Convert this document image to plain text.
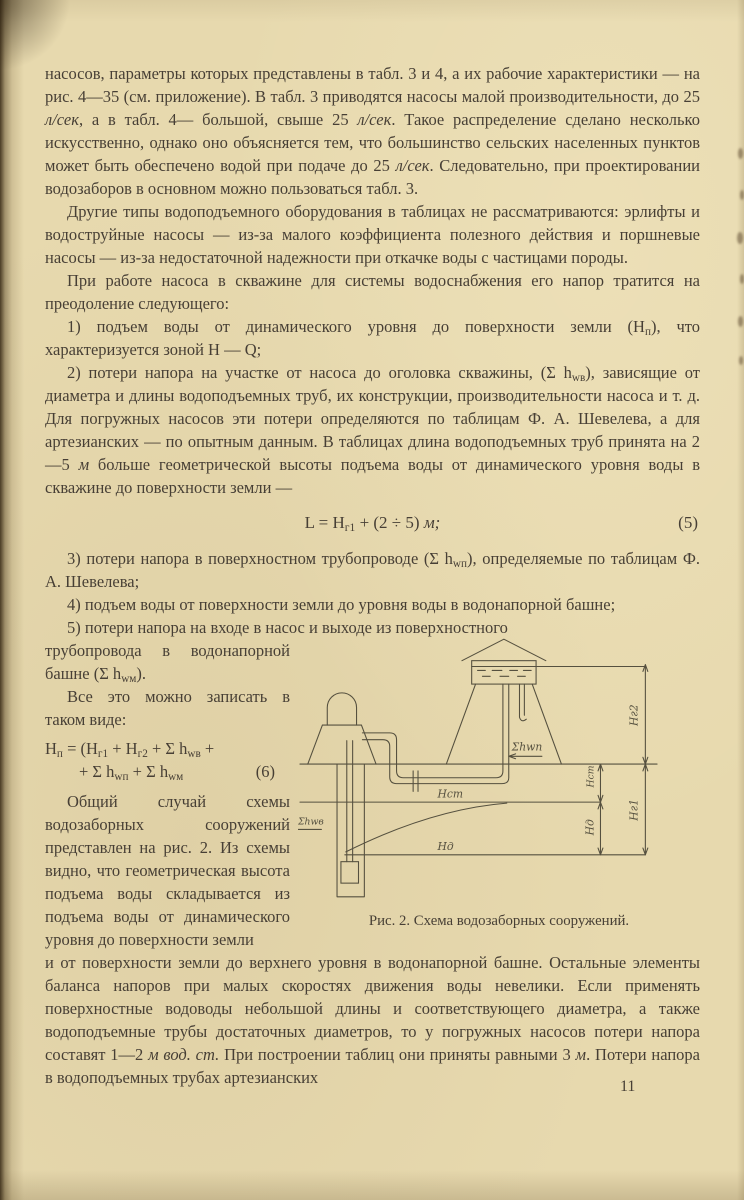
насосов, параметры которых представлены в табл. 3 и 4, а их рабочие характеристики — на рис. 4—35 (см. приложение). В табл. 3 приводятся насосы малой производительности, до 25 л/сек, а в табл. 4— большой, свыше 25 л/сек. Такое распределение сделано несколько искусственно, однако оно объясняется тем, что большинство сельских населенных пунктов может быть обеспечено водой при подаче до 25 л/сек. Следовательно, при проектировании водозаборов в основном можно пользоваться табл. 3.

Другие типы водоподъемного оборудования в таблицах не рассматриваются: эрлифты и водоструйные насосы — из-за малого коэффициента полезного действия и поршневые насосы — из-за недостаточной надежности при откачке воды с частицами породы.

При работе насоса в скважине для системы водоснабжения его напор тратится на преодоление следующего:

1) подъем воды от динамического уровня до поверхности земли $(Н_п)$, что характеризуется зоной Н — Q;

2) потери напора на участке от насоса до оголовка скважины, (Σ $h_{wв}$), зависящие от диаметра и длины водоподъемных труб, их конструкции, производительности насоса и т. д. Для погружных насосов эти потери определяются по таблицам Ф. А. Шевелева, а для артезианских — по опытным данным. В таблицах длина водоподъемных труб принята на 2—5 м больше геометрической высоты подъема воды от динамического уровня воды в скважине до поверхности земли —

$L = Н_{г1} + (2 \div 5)$ м;	(5)

3) потери напора в поверхностном трубопроводе (Σ $h_{wп}$), определяемые по таблицам Ф. А. Шевелева;

4) подъем воды от поверхности земли до уровня воды в водонапорной башне;

5) потери напора на входе в насос и выходе из поверхностного

Σhwп
Σhwв
Нст
Нд
Нст
Нд
Нг2
Нг1
Рис. 2. Схема водозаборных сооружений.

трубопровода в водонапорной башне (Σ $h_{wм}$).

Все это можно записать в таком виде:

$Н_п = (Н_{г1} + Н_{г2} + \Sigma$ $h_{wв}$ +
+ Σ $h_{wп} + \Sigma$ $h_{wм}$	(6)

Общий случай схемы водозаборных сооружений представлен на рис. 2. Из схемы видно, что геометрическая высота подъема воды складывается из подъема воды от динамического уровня до поверхности земли

и от поверхности земли до верхнего уровня в водонапорной башне. Остальные элементы баланса напоров при малых скоростях движения воды невелики. Если применять поверхностные водоводы небольшой длины и соответствующего диаметра, а также водоподъемные трубы достаточных диаметров, то у погружных насосов потери напора составят 1—2 м вод. ст. При построении таблиц они приняты равными 3 м. Потери напора в водоподъемных трубах артезианских	11
